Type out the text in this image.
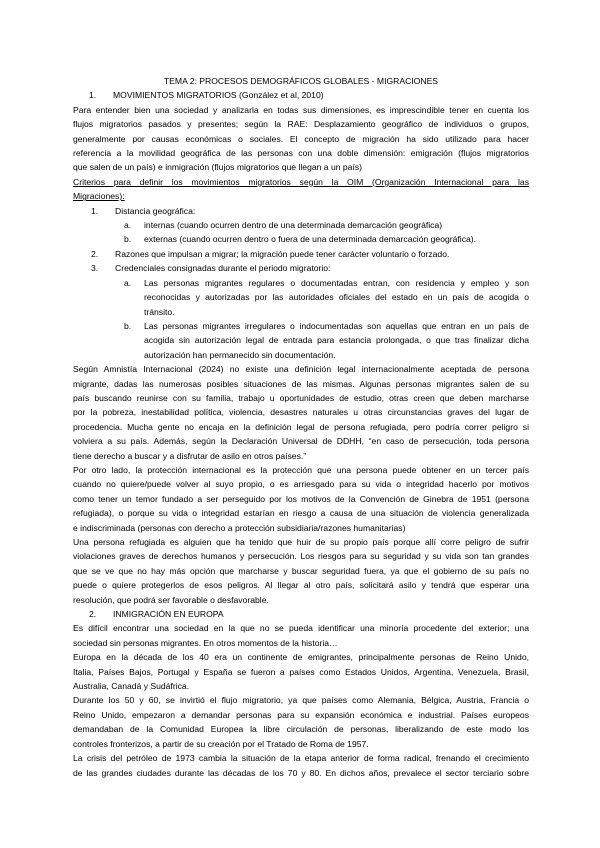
TEMA 2: PROCESOS DEMOGRÁFICOS GLOBALES - MIGRACIONES
1. MOVIMIENTOS MIGRATORIOS (González et al, 2010)
Para entender bien una sociedad y analizarla en todas sus dimensiones, es imprescindible tener en cuenta los
flujos migratorios pasados y presentes; según la RAE: Desplazamiento geográfico de individuos o grupos,
generalmente por causas económicas o sociales. El concepto de migración ha sido utilizado para hacer
referencia a la movilidad geográfica de las personas con una doble dimensión: emigración (flujos migratorios
que salen de un país) e inmigración (flujos migratorios que llegan a un país)
Criterios para definir los movimientos migratorios según la OIM (Organización Internacional para las
Migraciones):
1. Distancia geográfica:
a. internas (cuando ocurren dentro de una determinada demarcación geográfica)
b. externas (cuando ocurren dentro o fuera de una determinada demarcación geográfica).
2. Razones que impulsan a migrar; la migración puede tener carácter voluntario o forzado.
3. Credenciales consignadas durante el periodo migratorio:
a. Las personas migrantes regulares o documentadas entran, con residencia y empleo y son
reconocidas y autorizadas por las autoridades oficiales del estado en un país de acogida o
tránsito.
b. Las personas migrantes irregulares o indocumentadas son aquellas que entran en un país de
acogida sin autorización legal de entrada para estancia prolongada, o que tras finalizar dicha
autorización han permanecido sin documentación.
Según Amnistía Internacional (2024) no existe una definición legal internacionalmente aceptada de persona
migrante, dadas las numerosas posibles situaciones de las mismas. Algunas personas migrantes salen de su
país buscando reunirse con su familia, trabajo u oportunidades de estudio, otras creen que deben marcharse
por la pobreza, inestabilidad política, violencia, desastres naturales u otras circunstancias graves del lugar de
procedencia. Mucha gente no encaja en la definición legal de persona refugiada, pero podría correr peligro si
volviera a su país. Además, según la Declaración Universal de DDHH, “en caso de persecución, toda persona
tiene derecho a buscar y a disfrutar de asilo en otros países.”
Por otro lado, la protección internacional es la protección que una persona puede obtener en un tercer país
cuando no quiere/puede volver al suyo propio, o es arriesgado para su vida o integridad hacerlo por motivos
como tener un temor fundado a ser perseguido por los motivos de la Convención de Ginebra de 1951 (persona
refugiada), o porque su vida o integridad estarían en riesgo a causa de una situación de violencia generalizada
e indiscriminada (personas con derecho a protección subsidiaria/razones humanitarias)
Una persona refugiada es alguien que ha tenido que huir de su propio país porque allí corre peligro de sufrir
violaciones graves de derechos humanos y persecución. Los riesgos para su seguridad y su vida son tan grandes
que se ve que no hay más opción que marcharse y buscar seguridad fuera, ya que el gobierno de su país no
puede o quiere protegerlos de esos peligros. Al llegar al otro país, solicitará asilo y tendrá que esperar una
resolución, que podrá ser favorable o desfavorable.
2. INMIGRACIÓN EN EUROPA
Es difícil encontrar una sociedad en la que no se pueda identificar una minoría procedente del exterior; una
sociedad sin personas migrantes. En otros momentos de la historia…
Europa en la década de los 40 era un continente de emigrantes, principalmente personas de Reino Unido,
Italia, Países Bajos, Portugal y España se fueron a países como Estados Unidos, Argentina, Venezuela, Brasil,
Australia, Canadá y Sudáfrica.
Durante los 50 y 60, se invirtió el flujo migratorio, ya que países como Alemania, Bélgica, Austria, Francia o
Reino Unido, empezaron a demandar personas para su expansión económica e industrial. Países europeos
demandaban de la Comunidad Europea la libre circulación de personas, liberalizando de este modo los
controles fronterizos, a partir de su creación por el Tratado de Roma de 1957.
La crisis del petróleo de 1973 cambia la situación de la etapa anterior de forma radical, frenando el crecimiento
de las grandes ciudades durante las décadas de los 70 y 80. En dichos años, prevalece el sector terciario sobre
